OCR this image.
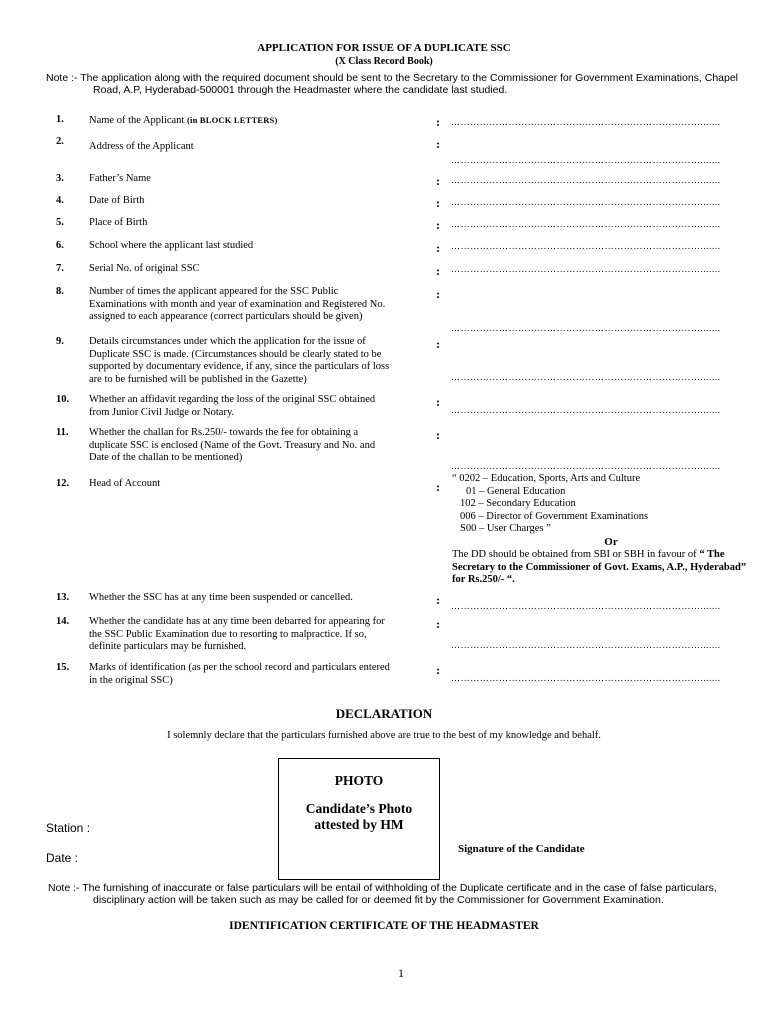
APPLICATION FOR ISSUE OF A DUPLICATE SSC
(X Class Record Book)
Note :- The application along with the required document should be sent to the Secretary to the Commissioner for Government Examinations, Chapel
Road, A.P, Hyderabad-500001 through the Headmaster where the candidate last studied.
1.	Name of the Applicant (in BLOCK LETTERS)	: …………………………………………………………………….......
2.	Address of the Applicant	:
…………………………………………………………………….......
3.	Father’s Name	: …………………………………………………………………….......
4.	Date of Birth	: …………………………………………………………………….......
5.	Place of Birth	: …………………………………………………………………….......
6.	School where the applicant last studied	: …………………………………………………………………….......
7.	Serial No. of original SSC	: …………………………………………………………………….......
8.	Number of times the applicant appeared for the SSC Public
Examinations with month and year of examination and Registered No.
assigned to each appearance (correct particulars should be given)
:
…………………………………………………………………….......
9.	Details circumstances under which the application for the issue of
Duplicate SSC is made. (Circumstances should be clearly stated to be
supported by documentary evidence, if any, since the particulars of loss
are to be furnished will be published in the Gazette)
:
…………………………………………………………………….......
10.	Whether an affidavit regarding the loss of the original SSC obtained
from Junior Civil Judge or Notary.
:
…………………………………………………………………….......
11.	Whether the challan for Rs.250/- towards the fee for obtaining a
duplicate SSC is enclosed (Name of the Govt. Treasury and No. and
Date of the challan to be mentioned)
:
…………………………………………………………………….......
12.	Head of Account	:
“ 0202 – Education, Sports, Arts and Culture
01 – General Education
102 – Secondary Education
006 – Director of Government Examinations
S00 – User Charges ”
Or
The DD should be obtained from SBI or SBH in favour of “ The Secretary to the Commissioner of Govt. Exams, A.P., Hyderabad” for Rs.250/- “.
13.	Whether the SSC has at any time been suspended or cancelled.	: …………………………………………………………………….......
14.	Whether the candidate has at any time been debarred for appearing for
the SSC Public Examination due to resorting to malpractice. If so,
definite particulars may be furnished.
:
…………………………………………………………………….......
15.	Marks of identification (as per the school record and particulars entered
in the original SSC)
:
…………………………………………………………………….......
DECLARATION
I solemnly declare that the particulars furnished above are true to the best of my knowledge and behalf.
PHOTO
Candidate’s Photo
attested by HM
Station :
Date :
Signature of the Candidate
Note :- The furnishing of inaccurate or false particulars will be entail of withholding of the Duplicate certificate and in the case of false particulars,
disciplinary action will be taken such as may be called for or deemed fit by the Commissioner for Government Examination.
IDENTIFICATION CERTIFICATE OF THE HEADMASTER
1
